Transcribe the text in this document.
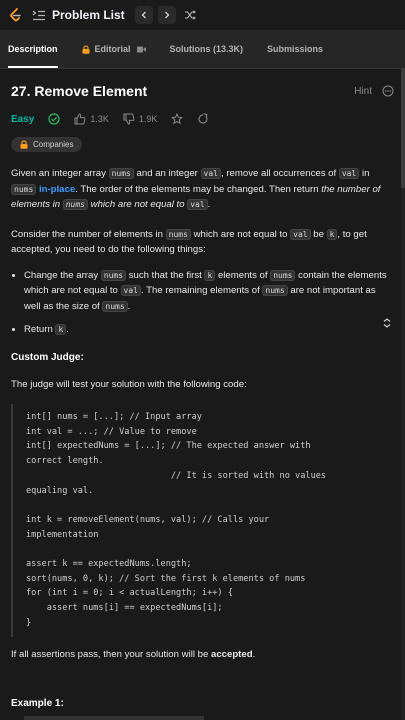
Problem List
Description	Editorial	Solutions (13.3K)	Submissions
27. Remove Element	Hint
Easy	1.3K	1.9K
Companies

Given an integer array nums and an integer val , remove all occurrences of val in nums in-place. The order of the elements may be changed. Then return the number of elements in nums which are not equal to val .

Consider the number of elements in nums which are not equal to val be k , to get accepted, you need to do the following things:

• Change the array nums such that the first k elements of nums contain the elements which are not equal to val . The remaining elements of nums are not important as well as the size of nums .
• Return k .
Custom Judge:

The judge will test your solution with the following code:

int[] nums = [...]; // Input array
int val = ...; // Value to remove
int[] expectedNums = [...]; // The expected answer with
correct length.
// It is sorted with no values
equaling val.

int k = removeElement(nums, val); // Calls your
implementation

assert k == expectedNums.length;
sort(nums, 0, k); // Sort the first k elements of nums
for (int i = 0; i < actualLength; i++) {
assert nums[i] == expectedNums[i];
}

If all assertions pass, then your solution will be accepted.

Example 1:
